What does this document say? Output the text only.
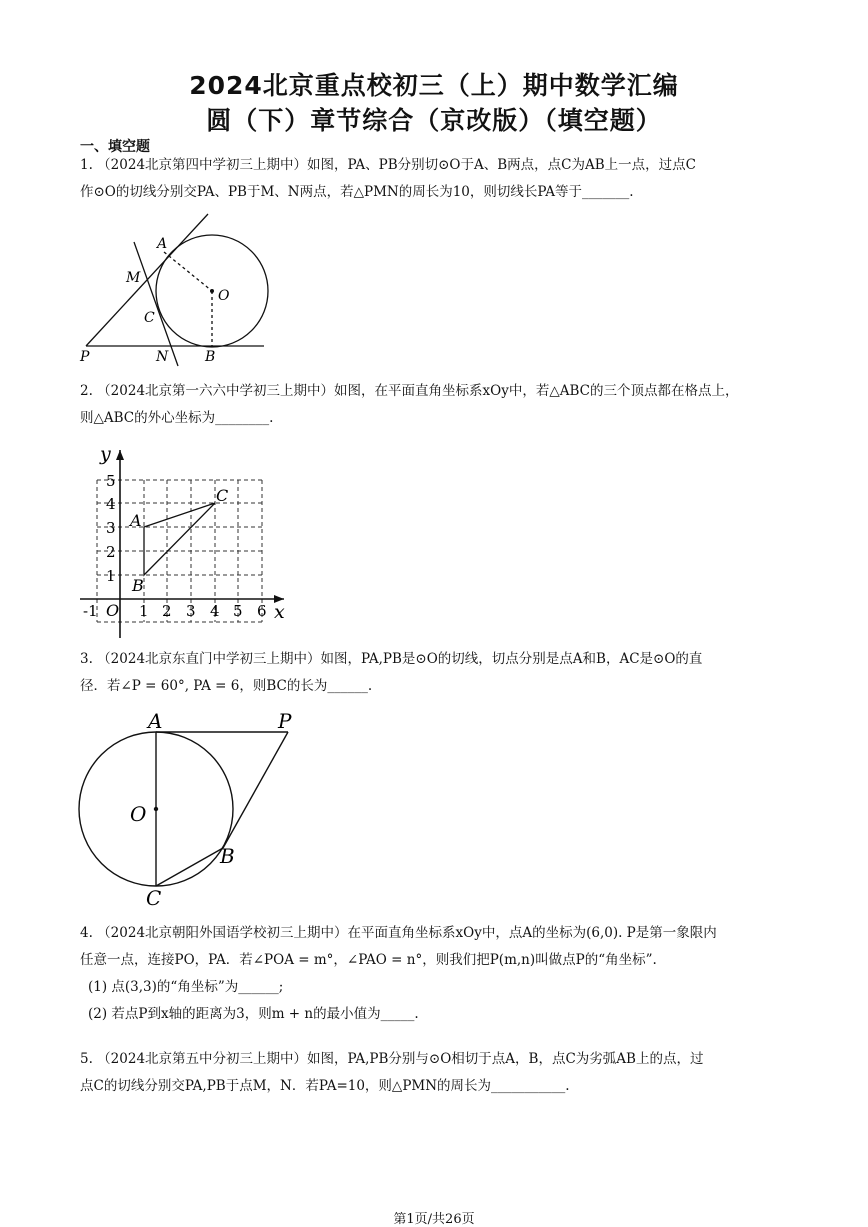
2024北京重点校初三（上）期中数学汇编
圆（下）章节综合（京改版）（填空题）
一、填空题
1. （2024北京第四中学初三上期中）如图，PA、PB分别切⊙O于A、B两点，点C为AB上一点，过点C
作⊙O的切线分别交PA、PB于M、N两点，若△PMN的周长为10，则切线长PA等于_______.
A
M
O
C
P	N	B
2. （2024北京第一六六中学初三上期中）如图，在平面直角坐标系xOy中，若△ABC的三个顶点都在格点上，
则△ABC的外心坐标为________.
y
x
O
-1	1 2 3 4 5 6
1
2
3
4
5
A
B
C
3. （2024北京东直门中学初三上期中）如图，PA,PB是⊙O的切线，切点分别是点A和B，AC是⊙O的直
径．若∠P = 60°, PA = 6，则BC的长为______.
A	P
O
B
C
4. （2024北京朝阳外国语学校初三上期中）在平面直角坐标系xOy中，点A的坐标为(6,0). P是第一象限内
任意一点，连接PO，PA．若∠POA = m°，∠PAO = n°，则我们把P(m,n)叫做点P的“角坐标”.
(1) 点(3,3)的“角坐标”为______;
(2) 若点P到x轴的距离为3，则m + n的最小值为_____.
5. （2024北京第五中分初三上期中）如图，PA,PB分别与⊙O相切于点A，B，点C为劣弧AB上的点，过
点C的切线分别交PA,PB于点M，N．若PA=10，则△PMN的周长为___________.
第1页/共26页
